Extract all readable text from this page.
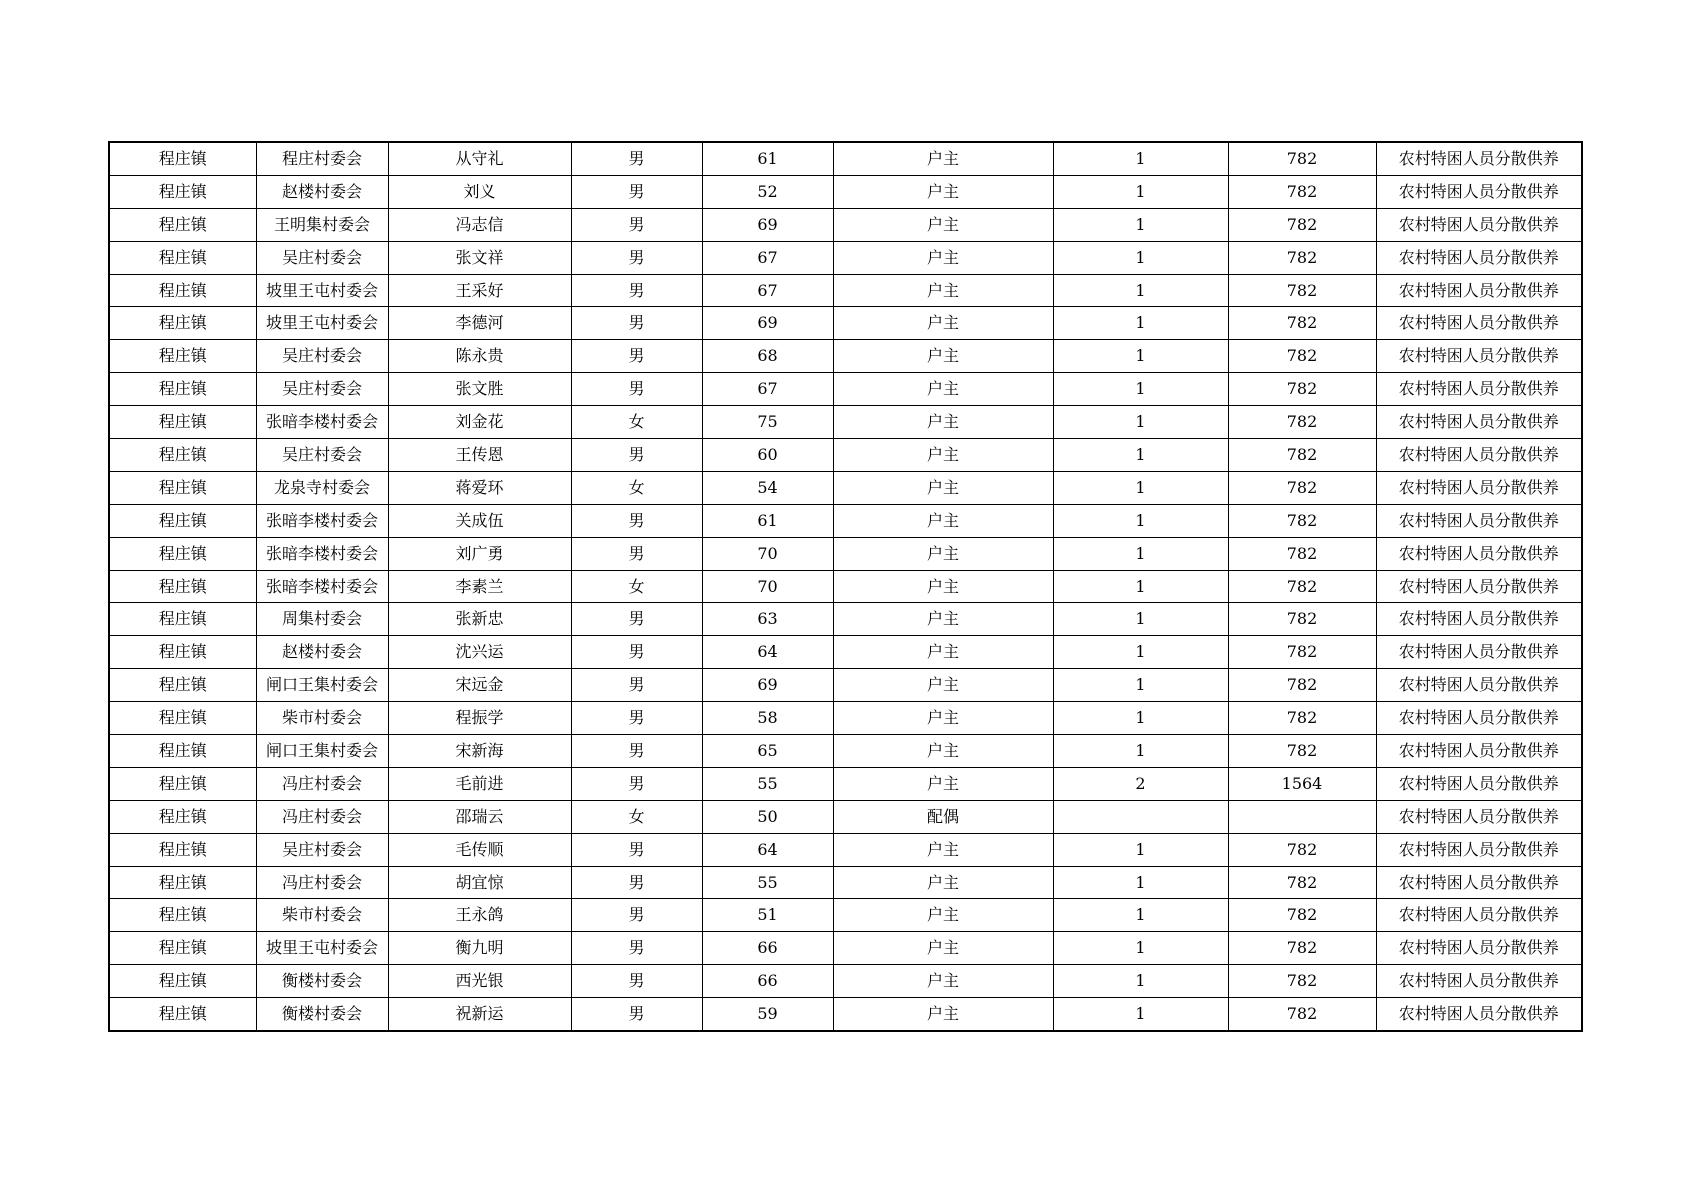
程庄镇	程庄村委会	从守礼	男	61	户主	1	782	农村特困人员分散供养
程庄镇	赵楼村委会	刘义	男	52	户主	1	782	农村特困人员分散供养
程庄镇	王明集村委会	冯志信	男	69	户主	1	782	农村特困人员分散供养
程庄镇	吴庄村委会	张文祥	男	67	户主	1	782	农村特困人员分散供养
程庄镇	坡里王屯村委会	王采好	男	67	户主	1	782	农村特困人员分散供养
程庄镇	坡里王屯村委会	李德河	男	69	户主	1	782	农村特困人员分散供养
程庄镇	吴庄村委会	陈永贵	男	68	户主	1	782	农村特困人员分散供养
程庄镇	吴庄村委会	张文胜	男	67	户主	1	782	农村特困人员分散供养
程庄镇	张暗李楼村委会	刘金花	女	75	户主	1	782	农村特困人员分散供养
程庄镇	吴庄村委会	王传恩	男	60	户主	1	782	农村特困人员分散供养
程庄镇	龙泉寺村委会	蒋爱环	女	54	户主	1	782	农村特困人员分散供养
程庄镇	张暗李楼村委会	关成伍	男	61	户主	1	782	农村特困人员分散供养
程庄镇	张暗李楼村委会	刘广勇	男	70	户主	1	782	农村特困人员分散供养
程庄镇	张暗李楼村委会	李素兰	女	70	户主	1	782	农村特困人员分散供养
程庄镇	周集村委会	张新忠	男	63	户主	1	782	农村特困人员分散供养
程庄镇	赵楼村委会	沈兴运	男	64	户主	1	782	农村特困人员分散供养
程庄镇	闸口王集村委会	宋远金	男	69	户主	1	782	农村特困人员分散供养
程庄镇	柴市村委会	程振学	男	58	户主	1	782	农村特困人员分散供养
程庄镇	闸口王集村委会	宋新海	男	65	户主	1	782	农村特困人员分散供养
程庄镇	冯庄村委会	毛前进	男	55	户主	2	1564	农村特困人员分散供养
程庄镇	冯庄村委会	邵瑞云	女	50	配偶			农村特困人员分散供养
程庄镇	吴庄村委会	毛传顺	男	64	户主	1	782	农村特困人员分散供养
程庄镇	冯庄村委会	胡宜惊	男	55	户主	1	782	农村特困人员分散供养
程庄镇	柴市村委会	王永鸽	男	51	户主	1	782	农村特困人员分散供养
程庄镇	坡里王屯村委会	衡九明	男	66	户主	1	782	农村特困人员分散供养
程庄镇	衡楼村委会	西光银	男	66	户主	1	782	农村特困人员分散供养
程庄镇	衡楼村委会	祝新运	男	59	户主	1	782	农村特困人员分散供养
